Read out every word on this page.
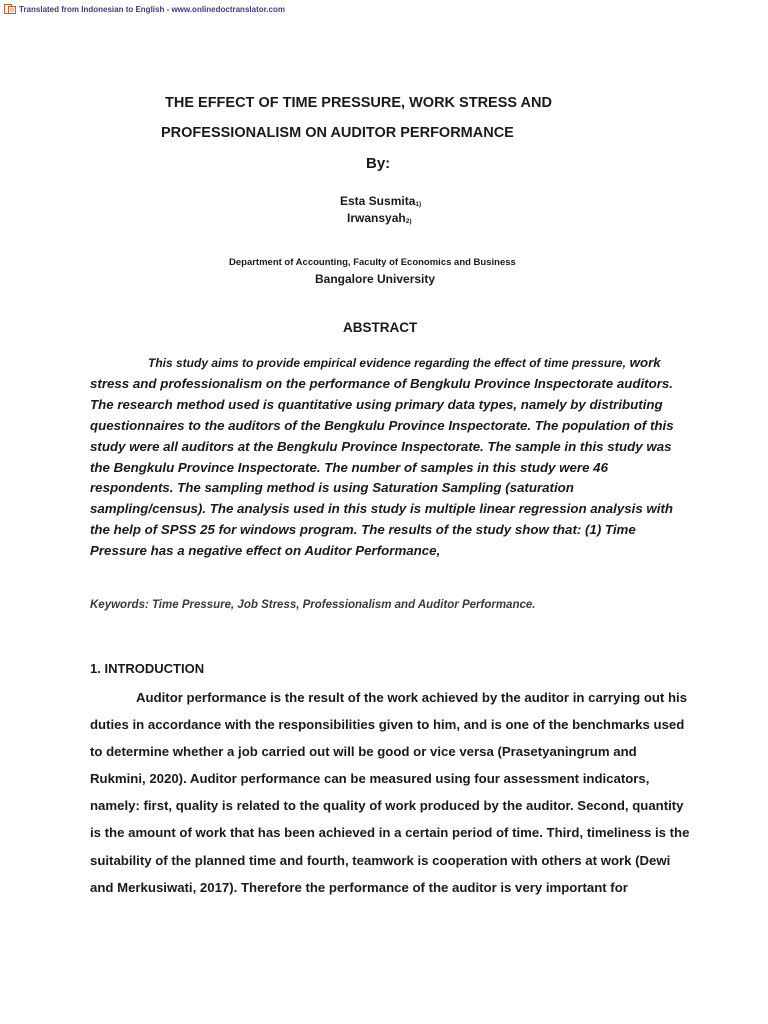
Translated from Indonesian to English - www.onlinedoctranslator.com
THE EFFECT OF TIME PRESSURE, WORK STRESS AND
PROFESSIONALISM ON AUDITOR PERFORMANCE
By:
Esta Susmita$_{1)}$
Irwansyah$_{2)}$
Department of Accounting, Faculty of Economics and Business
Bangalore University
ABSTRACT

This study aims to provide empirical evidence regarding the effect of time pressure, work stress and professionalism on the performance of Bengkulu Province Inspectorate auditors. The research method used is quantitative using primary data types, namely by distributing questionnaires to the auditors of the Bengkulu Province Inspectorate. The population of this study were all auditors at the Bengkulu Province Inspectorate. The sample in this study was the Bengkulu Province Inspectorate. The number of samples in this study were 46 respondents. The sampling method is using Saturation Sampling (saturation sampling/census). The analysis used in this study is multiple linear regression analysis with the help of SPSS 25 for windows program. The results of the study show that: (1) Time Pressure has a negative effect on Auditor Performance,

Keywords: Time Pressure, Job Stress, Professionalism and Auditor Performance.
1. INTRODUCTION

Auditor performance is the result of the work achieved by the auditor in carrying out his duties in accordance with the responsibilities given to him, and is one of the benchmarks used to determine whether a job carried out will be good or vice versa (Prasetyaningrum and Rukmini, 2020). Auditor performance can be measured using four assessment indicators, namely: first, quality is related to the quality of work produced by the auditor. Second, quantity is the amount of work that has been achieved in a certain period of time. Third, timeliness is the suitability of the planned time and fourth, teamwork is cooperation with others at work (Dewi and Merkusiwati, 2017). Therefore the performance of the auditor is very important for
